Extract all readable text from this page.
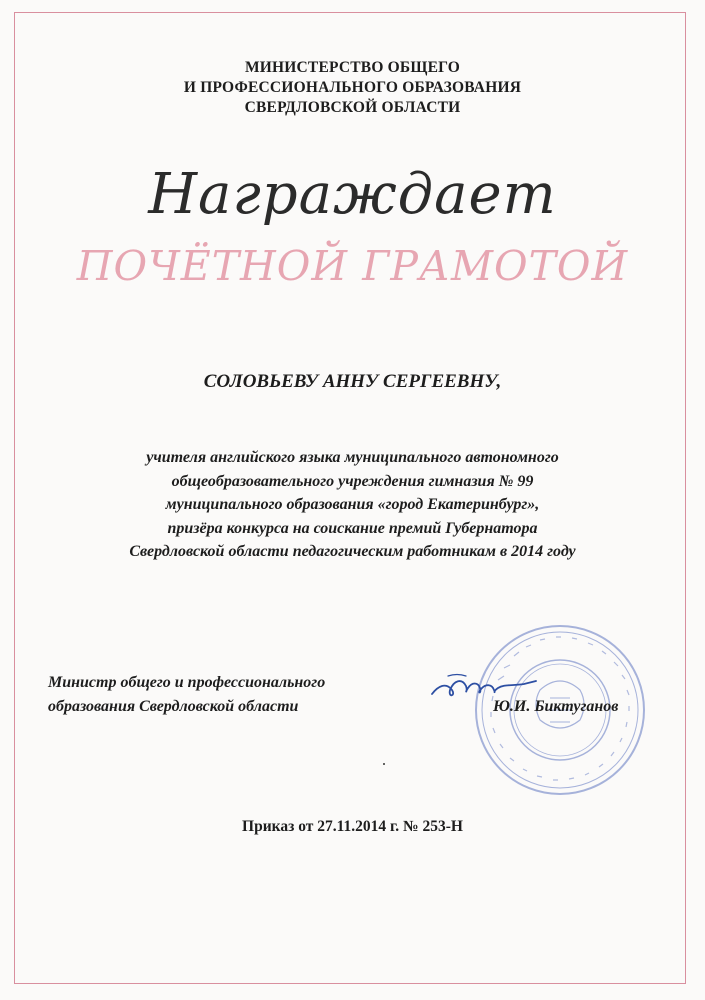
МИНИСТЕРСТВО ОБЩЕГО
И ПРОФЕССИОНАЛЬНОГО ОБРАЗОВАНИЯ
СВЕРДЛОВСКОЙ ОБЛАСТИ
Награждает
ПОЧЁТНОЙ ГРАМОТОЙ
СОЛОВЬЕВУ АННУ СЕРГЕЕВНУ,
учителя английского языка муниципального автономного
общеобразовательного учреждения гимназия № 99
муниципального образования «город Екатеринбург»,
призёра конкурса на соискание премий Губернатора
Свердловской области педагогическим работникам в 2014 году
Министр общего и профессионального
образования Свердловской области	Ю.И. Биктуганов
Приказ от 27.11.2014 г. № 253-Н
